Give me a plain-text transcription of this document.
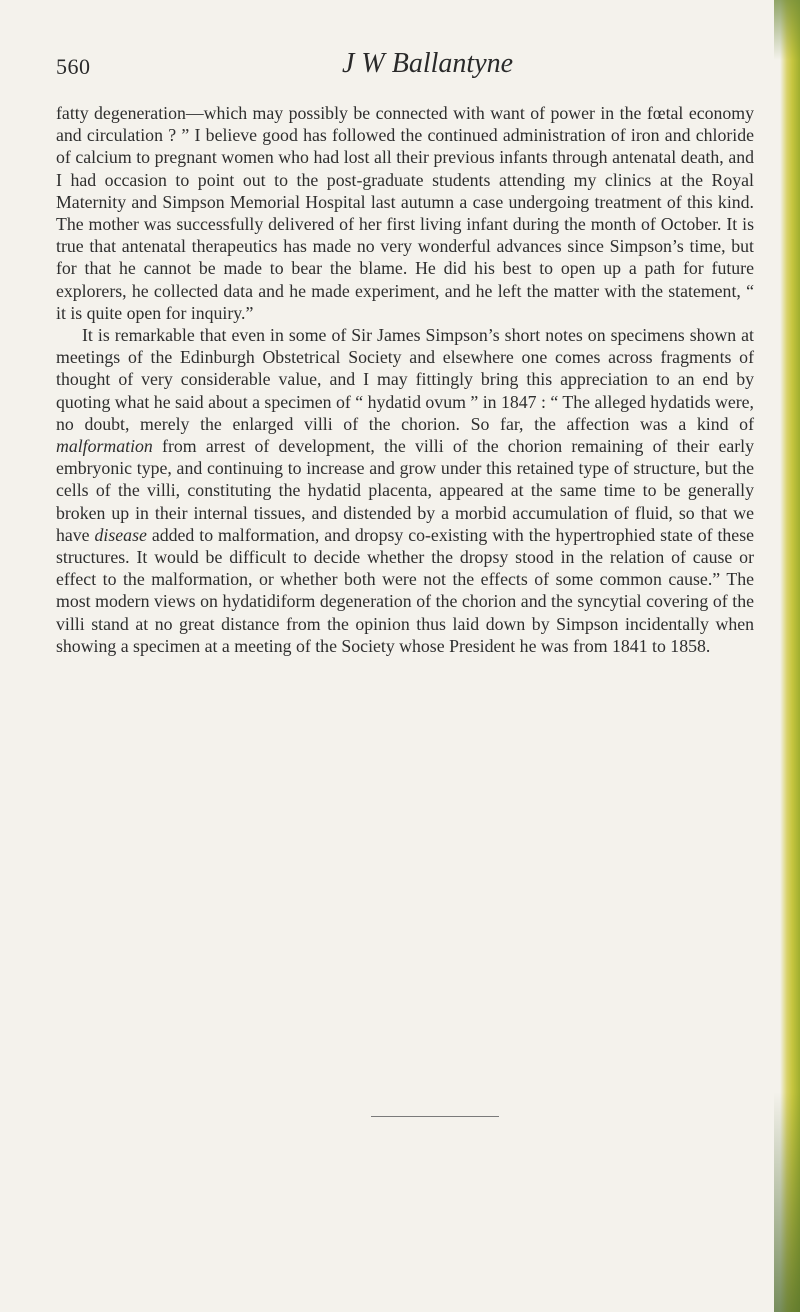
560	J W Ballantyne

fatty degeneration—which may possibly be connected with want of power in the fœtal economy and circulation ? ” I believe good has followed the continued administration of iron and chloride of calcium to pregnant women who had lost all their previous infants through antenatal death, and I had occasion to point out to the post-graduate students attending my clinics at the Royal Maternity and Simpson Memorial Hospital last autumn a case undergoing treatment of this kind. The mother was successfully delivered of her first living infant during the month of October. It is true that antenatal therapeutics has made no very wonderful advances since Simpson’s time, but for that he cannot be made to bear the blame. He did his best to open up a path for future explorers, he collected data and he made experiment, and he left the matter with the statement, “ it is quite open for inquiry.”

It is remarkable that even in some of Sir James Simpson’s short notes on specimens shown at meetings of the Edinburgh Obstetrical Society and elsewhere one comes across fragments of thought of very considerable value, and I may fittingly bring this appreciation to an end by quoting what he said about a specimen of “ hydatid ovum ” in 1847 : “ The alleged hydatids were, no doubt, merely the enlarged villi of the chorion. So far, the affection was a kind of malformation from arrest of development, the villi of the chorion remaining of their early embryonic type, and continuing to increase and grow under this retained type of structure, but the cells of the villi, constituting the hydatid placenta, appeared at the same time to be generally broken up in their internal tissues, and distended by a morbid accumulation of fluid, so that we have disease added to malformation, and dropsy co-existing with the hypertrophied state of these structures. It would be difficult to decide whether the dropsy stood in the relation of cause or effect to the malformation, or whether both were not the effects of some common cause.” The most modern views on hydatidiform degeneration of the chorion and the syncytial covering of the villi stand at no great distance from the opinion thus laid down by Simpson incidentally when showing a specimen at a meeting of the Society whose President he was from 1841 to 1858.
